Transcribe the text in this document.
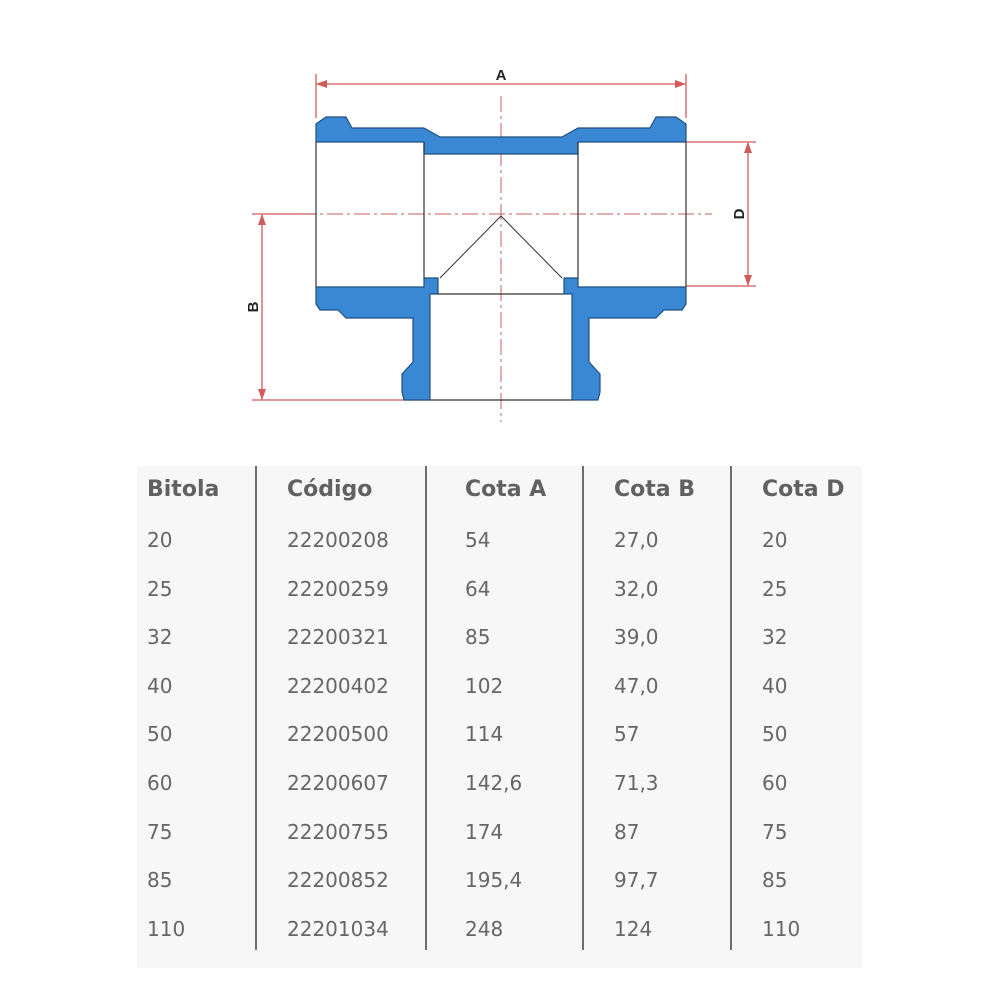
A
D
B
Bitola	Código	Cota A	Cota B	Cota D
20	22200208	54	27,0	20
25	22200259	64	32,0	25
32	22200321	85	39,0	32
40	22200402	102	47,0	40
50	22200500	114	57	50
60	22200607	142,6	71,3	60
75	22200755	174	87	75
85	22200852	195,4	97,7	85
110	22201034	248	124	110
